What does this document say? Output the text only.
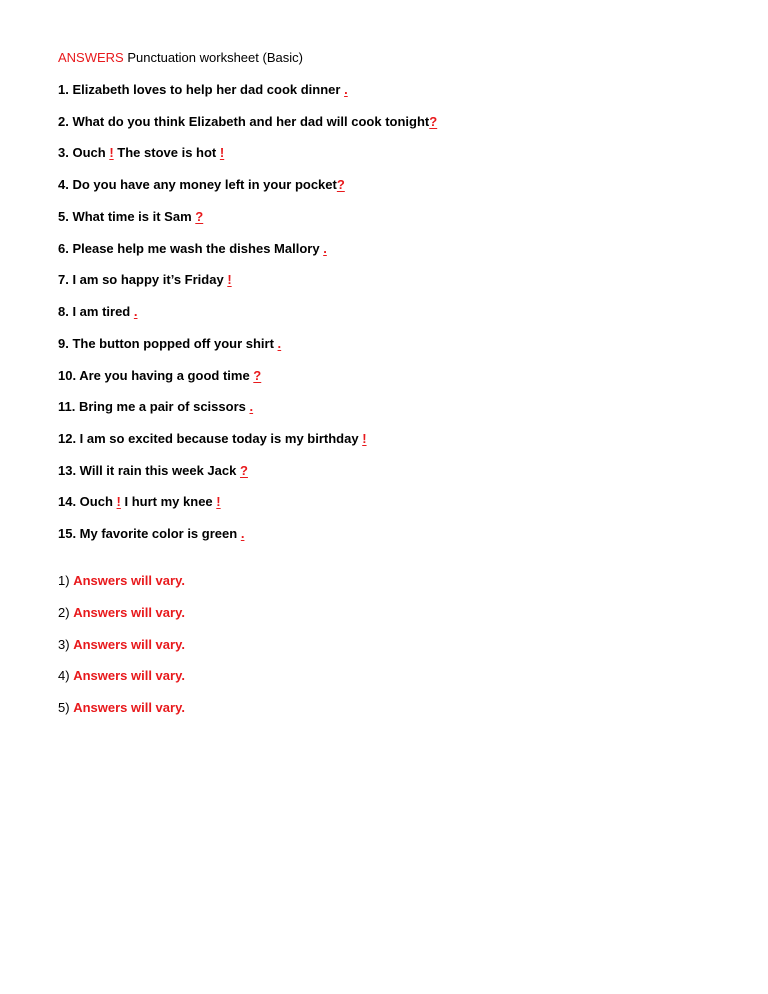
ANSWERS Punctuation worksheet (Basic)
1. Elizabeth loves to help her dad cook dinner .
2. What do you think Elizabeth and her dad will cook tonight?
3. Ouch ! The stove is hot !
4. Do you have any money left in your pocket?
5. What time is it Sam ?
6. Please help me wash the dishes Mallory .
7. I am so happy it’s Friday !
8. I am tired .
9. The button popped off your shirt .
10. Are you having a good time ?
11. Bring me a pair of scissors .
12. I am so excited because today is my birthday !
13. Will it rain this week Jack ?
14. Ouch ! I hurt my knee !
15. My favorite color is green .
1) Answers will vary.
2) Answers will vary.
3) Answers will vary.
4) Answers will vary.
5) Answers will vary.
